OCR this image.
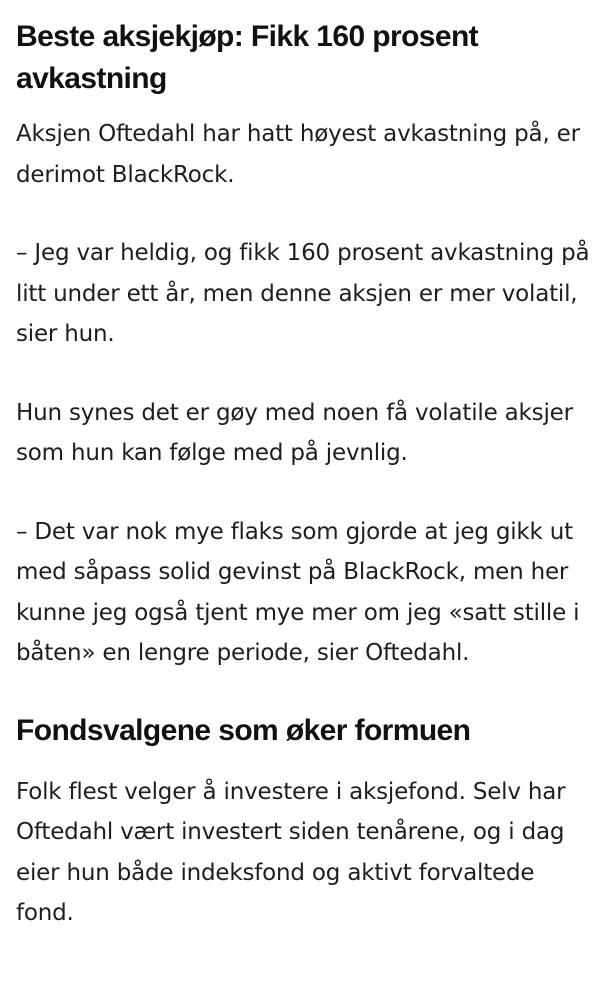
Beste aksjekjøp: Fikk 160 prosent avkastning

Aksjen Oftedahl har hatt høyest avkastning på, er derimot BlackRock.

– Jeg var heldig, og fikk 160 prosent avkastning på litt under ett år, men denne aksjen er mer volatil, sier hun.

Hun synes det er gøy med noen få volatile aksjer som hun kan følge med på jevnlig.

– Det var nok mye flaks som gjorde at jeg gikk ut med såpass solid gevinst på BlackRock, men her kunne jeg også tjent mye mer om jeg «satt stille i båten» en lengre periode, sier Oftedahl.

Fondsvalgene som øker formuen

Folk flest velger å investere i aksjefond. Selv har Oftedahl vært investert siden tenårene, og i dag eier hun både indeksfond og aktivt forvaltede fond.
